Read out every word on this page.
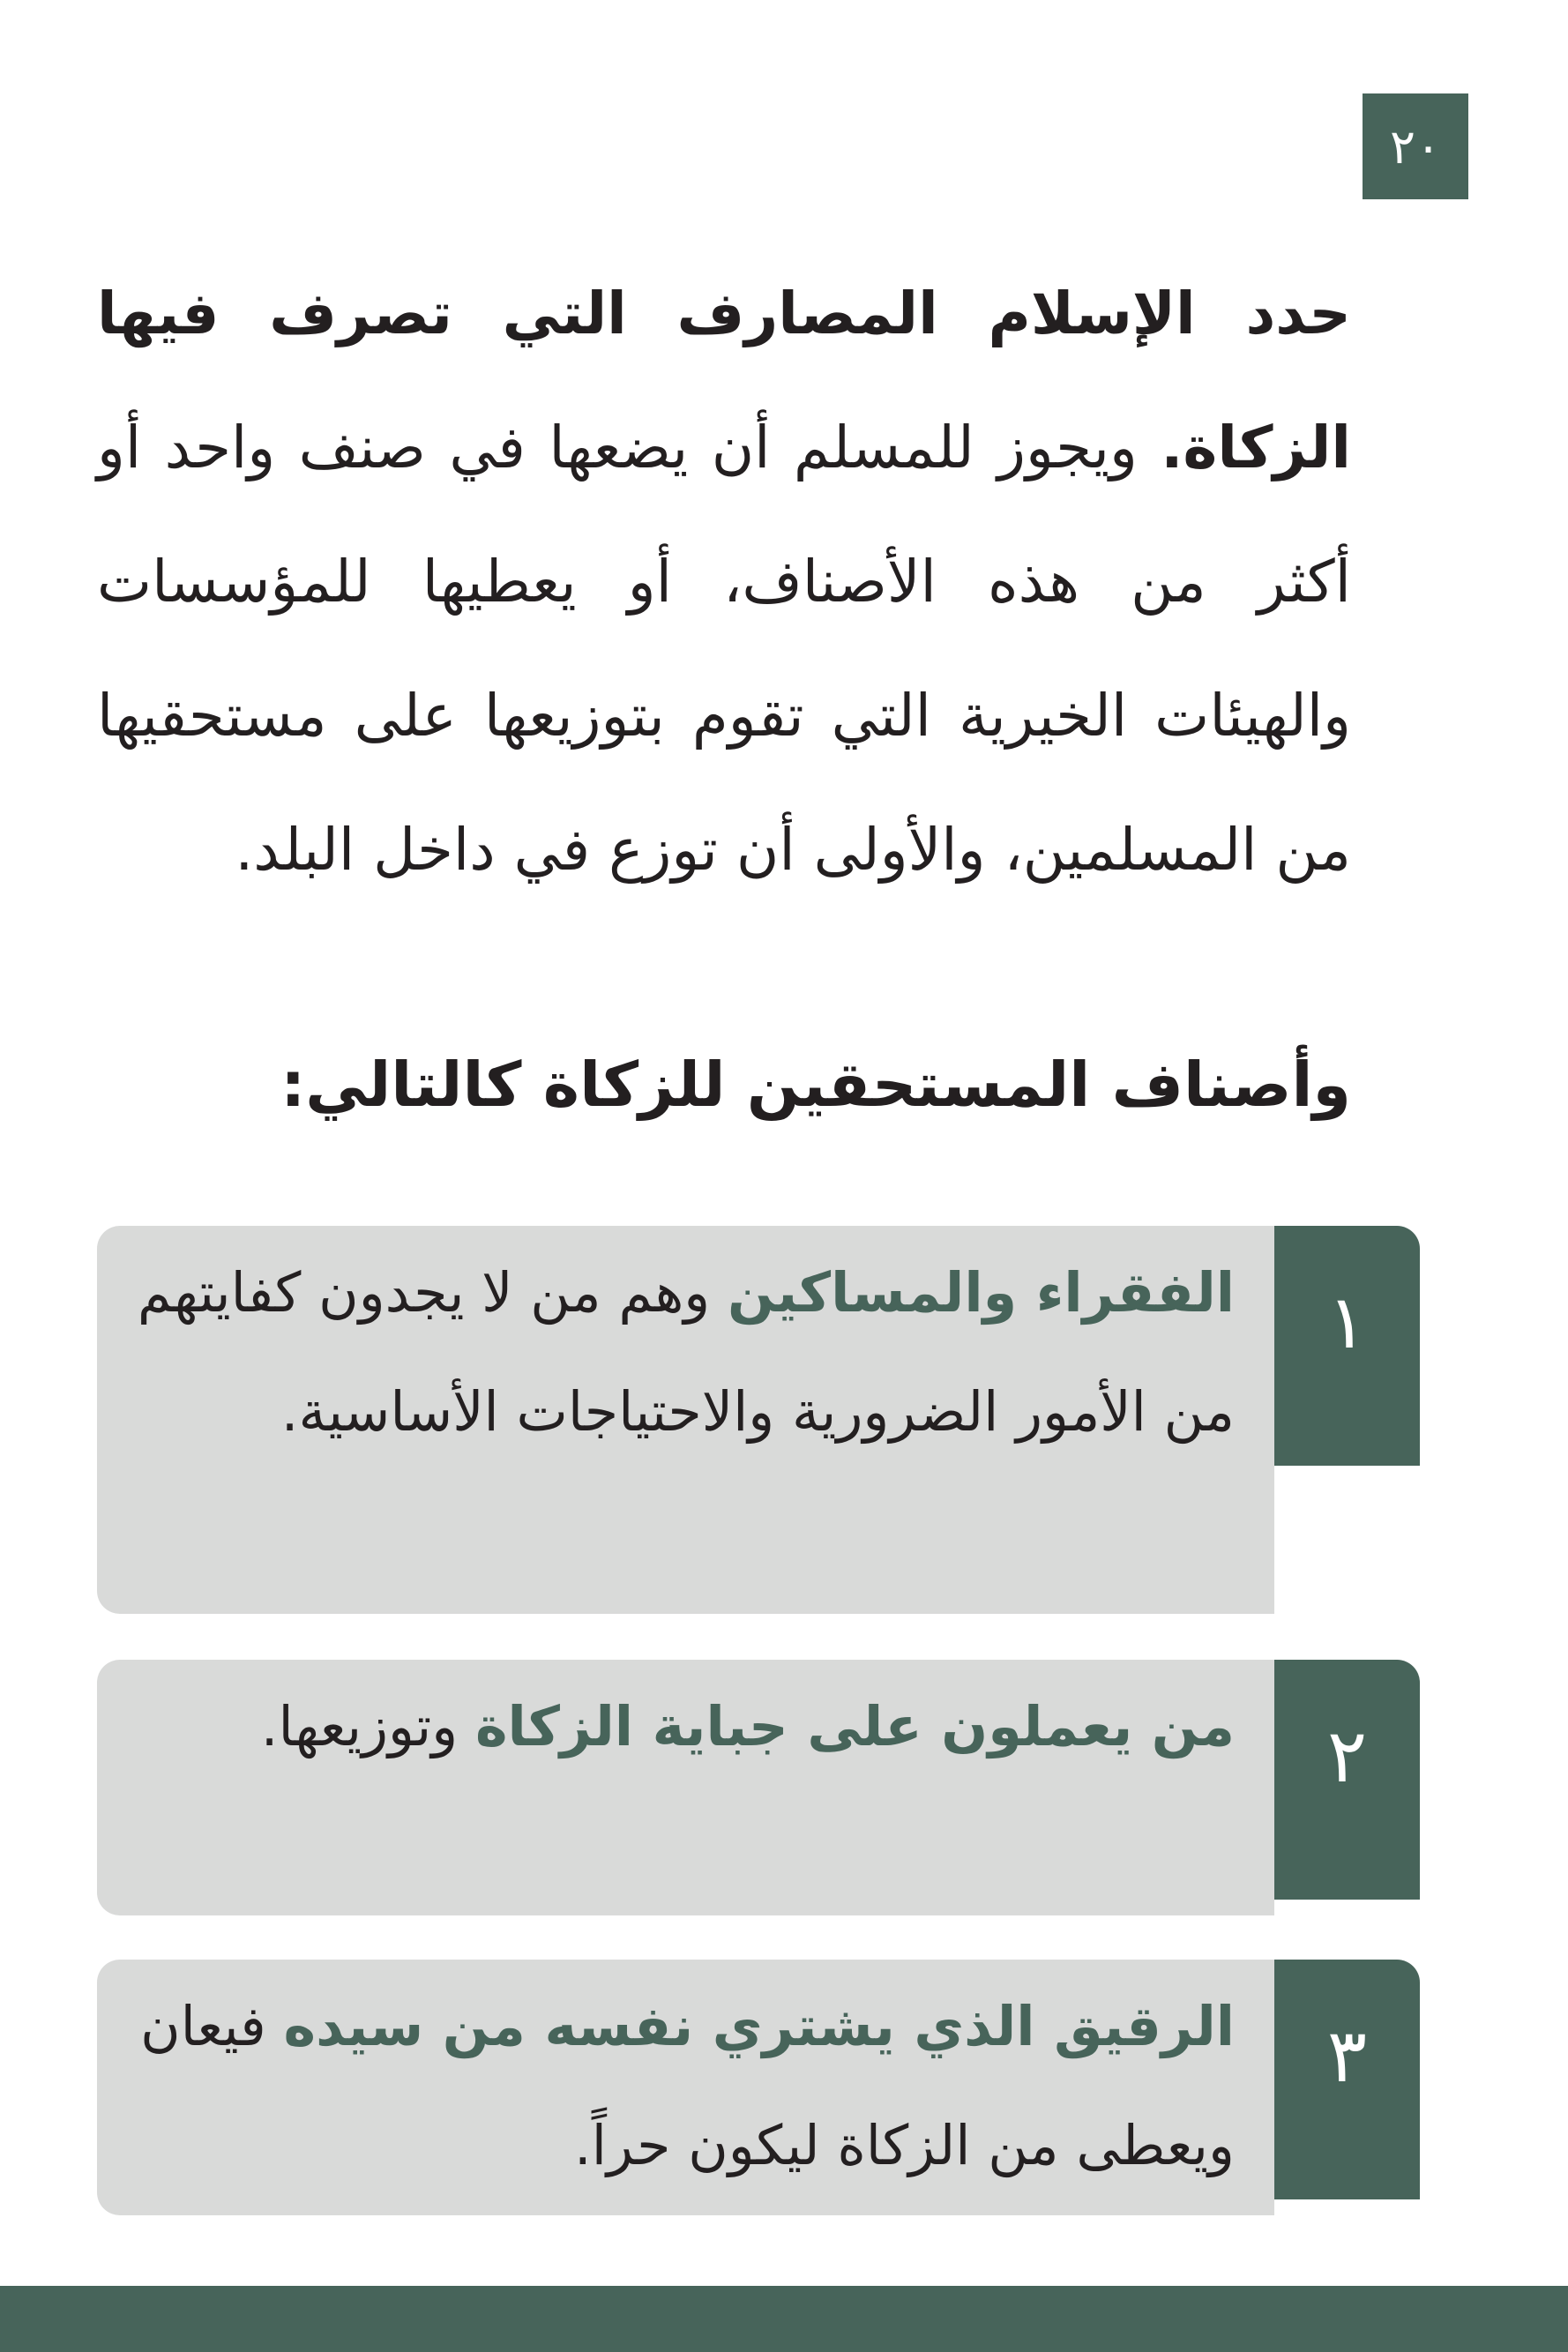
٢٠

حدد الإسلام المصارف التي تصرف فيها الزكاة. ويجوز للمسلم أن يضعها في صنف واحد أو أكثر من هذه الأصناف، أو يعطيها للمؤسسات والهيئات الخيرية التي تقوم بتوزيعها على مستحقيها من المسلمين، والأولى أن توزع في داخل البلد.

وأصناف المستحقين للزكاة كالتالي:

الفقراء والمساكين وهم من لا يجدون كفايتهم من الأمور الضرورية والاحتياجات الأساسية.
١
من يعملون على جباية الزكاة وتوزيعها.	٢
الرقيق الذي يشتري نفسه من سيده فيعان ويعطى من الزكاة ليكون حراً.
٣
